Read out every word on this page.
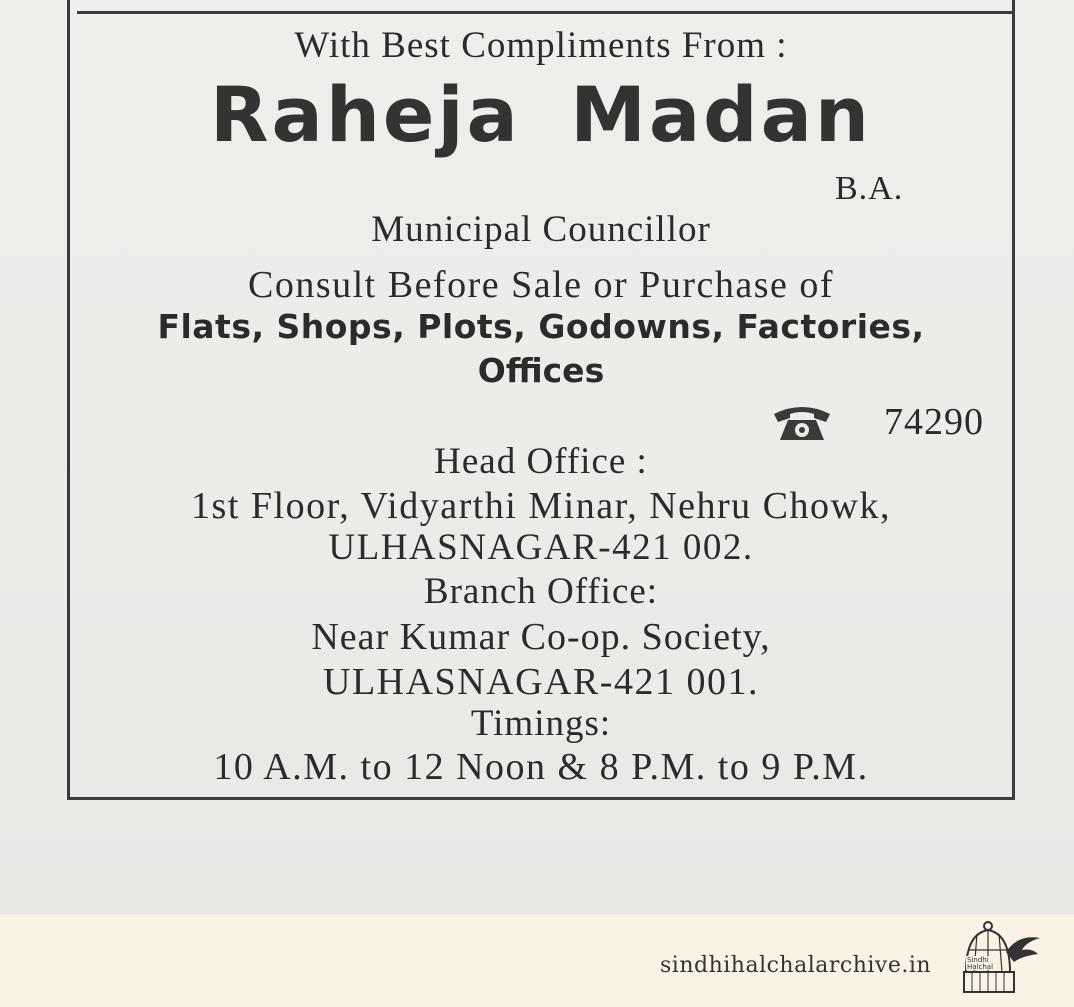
With Best Compliments From :
Raheja Madan
B.A.
Municipal Councillor
Consult Before Sale or Purchase of
Flats, Shops, Plots, Godowns, Factories,
Offices
74290
Head Office :
1st Floor, Vidyarthi Minar, Nehru Chowk,
ULHASNAGAR-421 002.
Branch Office:
Near Kumar Co-op. Society,
ULHASNAGAR-421 001.
Timings:
10 A.M. to 12 Noon & 8 P.M. to 9 P.M.
sindhihalchalarchive.in	Sindhi
Halchal
